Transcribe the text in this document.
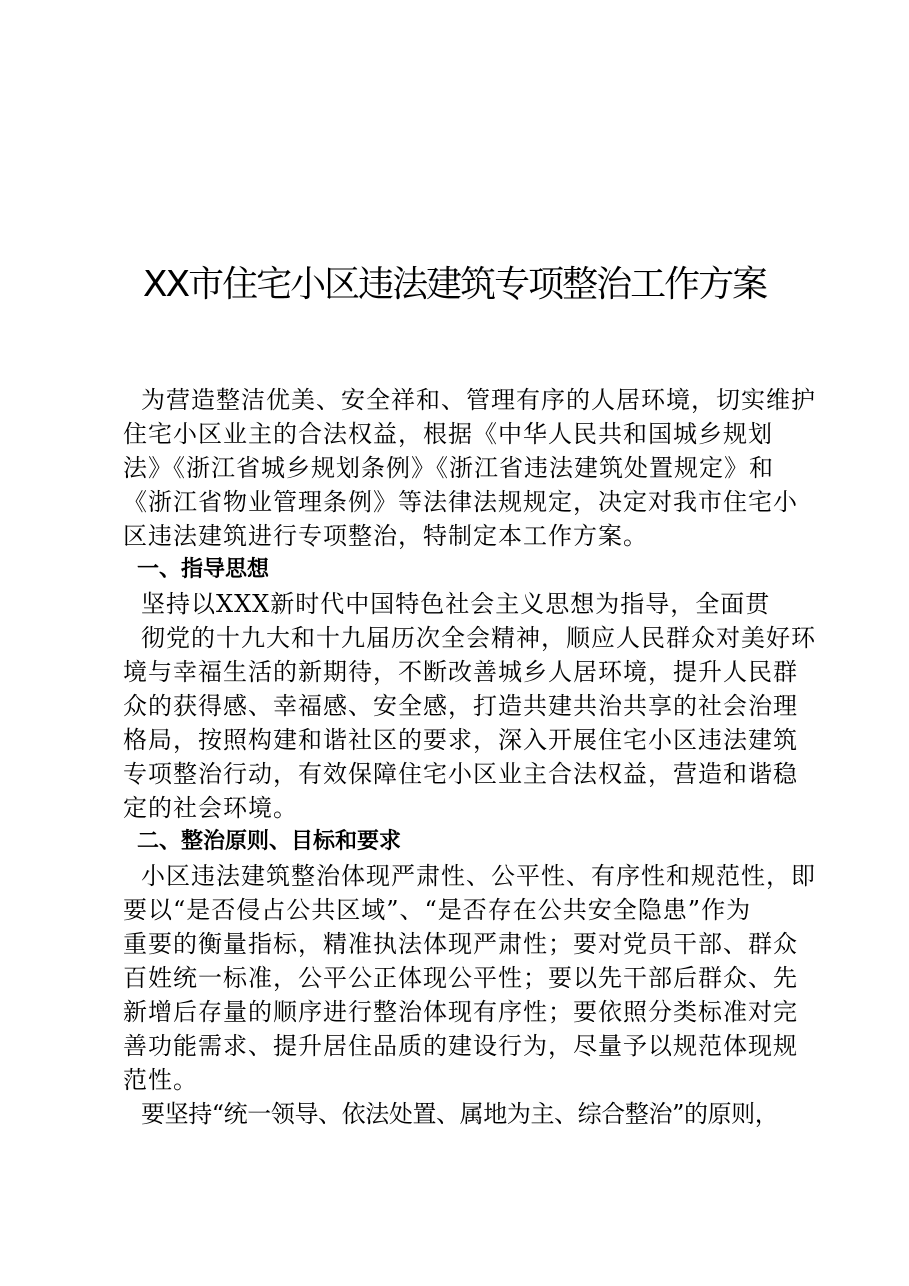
XX市住宅小区违法建筑专项整治工作方案
为营造整洁优美、安全祥和、管理有序的人居环境，切实维护
住宅小区业主的合法权益，根据《中华人民共和国城乡规划
法》《浙江省城乡规划条例》《浙江省违法建筑处置规定》和
《浙江省物业管理条例》等法律法规规定，决定对我市住宅小
区违法建筑进行专项整治，特制定本工作方案。
一、指导思想
坚持以XXX新时代中国特色社会主义思想为指导，全面贯
彻党的十九大和十九届历次全会精神，顺应人民群众对美好环
境与幸福生活的新期待，不断改善城乡人居环境，提升人民群
众的获得感、幸福感、安全感，打造共建共治共享的社会治理
格局，按照构建和谐社区的要求，深入开展住宅小区违法建筑
专项整治行动，有效保障住宅小区业主合法权益，营造和谐稳
定的社会环境。
二、整治原则、目标和要求
小区违法建筑整治体现严肃性、公平性、有序性和规范性，即
要以“是否侵占公共区域”、“是否存在公共安全隐患”作为
重要的衡量指标，精准执法体现严肃性；要对党员干部、群众
百姓统一标准，公平公正体现公平性；要以先干部后群众、先
新增后存量的顺序进行整治体现有序性；要依照分类标准对完
善功能需求、提升居住品质的建设行为，尽量予以规范体现规
范性。
要坚持“统一领导、依法处置、属地为主、综合整治”的原则，
